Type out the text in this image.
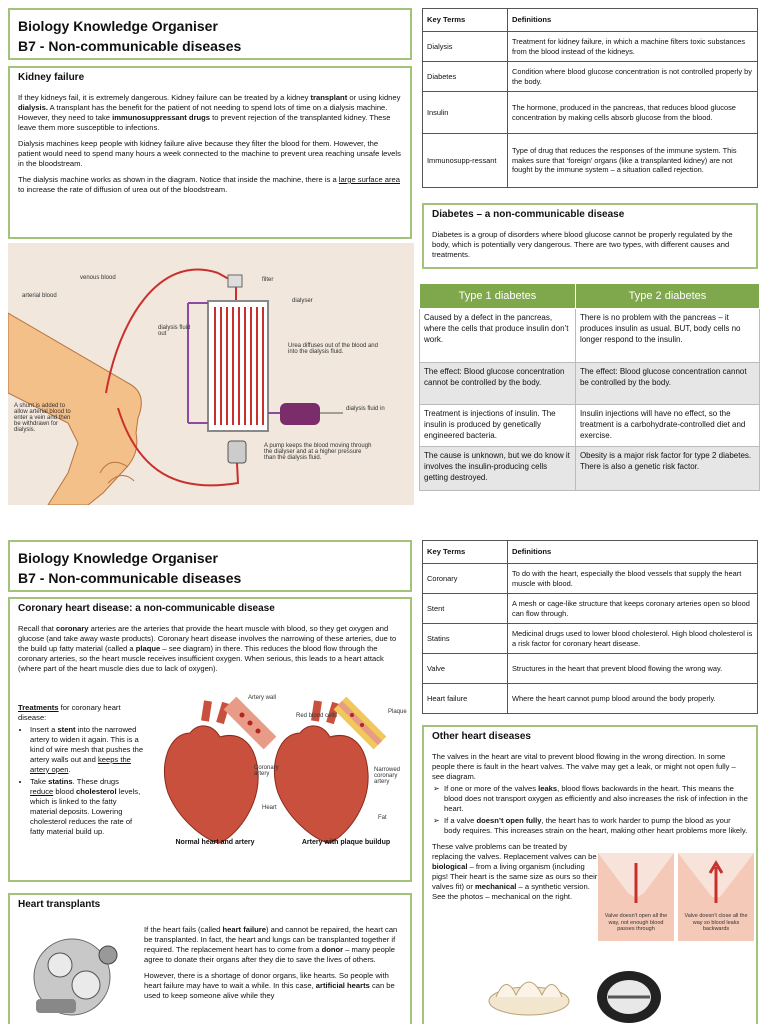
Biology Knowledge Organiser
B7 - Non-communicable diseases
Kidney failure

If they kidneys fail, it is extremely dangerous. Kidney failure can be treated by a kidney transplant or using kidney dialysis. A transplant has the benefit for the patient of not needing to spend lots of time on a dialysis machine. However, they need to take immunosuppressant drugs to prevent rejection of the transplanted kidney. These leave them more susceptible to infections.

Dialysis machines keep people with kidney failure alive because they filter the blood for them. However, the patient would need to spend many hours a week connected to the machine to prevent urea reaching unsafe levels in the bloodstream.

The dialysis machine works as shown in the diagram. Notice that inside the machine, there is a large surface area to increase the rate of diffusion of urea out of the bloodstream.

venous blood
arterial blood
filter
dialyser
dialysis fluid out
Urea diffuses out of the blood and into the dialysis fluid.
dialysis fluid in
A shunt is added to allow arterial blood to enter a vein and then be withdrawn for dialysis.
A pump keeps the blood moving through the dialyser and at a higher pressure than the dialysis fluid.
Key Terms	Definitions
Dialysis	Treatment for kidney failure, in which a machine filters toxic substances from the blood instead of the kidneys.
Diabetes	Condition where blood glucose concentration is not controlled properly by the body.
Insulin	The hormone, produced in the pancreas, that reduces blood glucose concentration by making cells absorb glucose from the blood.
Immunosupp-ressant	Type of drug that reduces the responses of the immune system. This makes sure that ‘foreign’ organs (like a transplanted kidney) are not fought by the immune system – a situation called rejection.
Diabetes – a non-communicable disease

Diabetes is a group of disorders where blood glucose cannot be properly regulated by the body, which is potentially very dangerous. There are two types, with different causes and treatments.

Type 1 diabetes	Type 2 diabetes
Caused by a defect in the pancreas, where the cells that produce insulin don’t work.	There is no problem with the pancreas – it produces insulin as usual. BUT, body cells no longer respond to the insulin.
The effect: Blood glucose concentration cannot be controlled by the body.	The effect: Blood glucose concentration cannot be controlled by the body.
Treatment is injections of insulin. The insulin is produced by genetically engineered bacteria.	Insulin injections will have no effect, so the treatment is a carbohydrate-controlled diet and exercise.
The cause is unknown, but we do know it involves the insulin-producing cells getting destroyed.	Obesity is a major risk factor for type 2 diabetes. There is also a genetic risk factor.
Biology Knowledge Organiser
B7 - Non-communicable diseases
Coronary heart disease: a non-communicable disease

Recall that coronary arteries are the arteries that provide the heart muscle with blood, so they get oxygen and glucose (and take away waste products). Coronary heart disease involves the narrowing of these arteries, due to the build up fatty material (called a plaque – see diagram) in there. This reduces the blood flow through the coronary arteries, so the heart muscle receives insufficient oxygen. When serious, this leads to a heart attack (where part of the heart muscle dies due to lack of oxygen).

Treatments for coronary heart disease:
• Insert a stent into the narrowed artery to widen it again. This is a kind of wire mesh that pushes the artery walls out and keeps the artery open.
• Take statins. These drugs reduce blood cholesterol levels, which is linked to the fatty material deposits. Lowering cholesterol reduces the rate of fatty material build up.
Artery wall
Red blood cells
Plaque
Coronary artery
Narrowed coronary artery
Heart
Fat
Normal heart and artery	Artery with plaque buildup
Heart transplants

If the heart fails (called heart failure) and cannot be repaired, the heart can be transplanted. In fact, the heart and lungs can be transplanted together if required. The replacement heart has to come from a donor – many people agree to donate their organs after they die to save the lives of others.

However, there is a shortage of donor organs, like hearts. So people with heart failure may have to wait a while. In this case, artificial hearts can be used to keep someone alive while they

Key Terms	Definitions
Coronary	To do with the heart, especially the blood vessels that supply the heart muscle with blood.
Stent	A mesh or cage-like structure that keeps coronary arteries open so blood can flow through.
Statins	Medicinal drugs used to lower blood cholesterol. High blood cholesterol is a risk factor for coronary heart disease.
Valve	Structures in the heart that prevent blood flowing the wrong way.
Heart failure	Where the heart cannot pump blood around the body properly.
Other heart diseases

The valves in the heart are vital to prevent blood flowing in the wrong direction. In some people there is fault in the heart valves. The valve may get a leak, or might not open fully – see diagram.

➢ If one or more of the valves leaks, blood flows backwards in the heart. This means the blood does not transport oxygen as efficiently and also increases the risk of infection in the heart.
➢ If a valve doesn’t open fully, the heart has to work harder to pump the blood as your body requires. This increases strain on the heart, making other heart problems more likely.

These valve problems can be treated by replacing the valves. Replacement valves can be biological – from a living organism (including pigs! Their heart is the same size as ours so their valves fit) or mechanical – a synthetic version. See the photos – mechanical on the right.

Valve doesn't open all the way, not enough blood passes through
Valve doesn't close all the way so blood leaks backwards
